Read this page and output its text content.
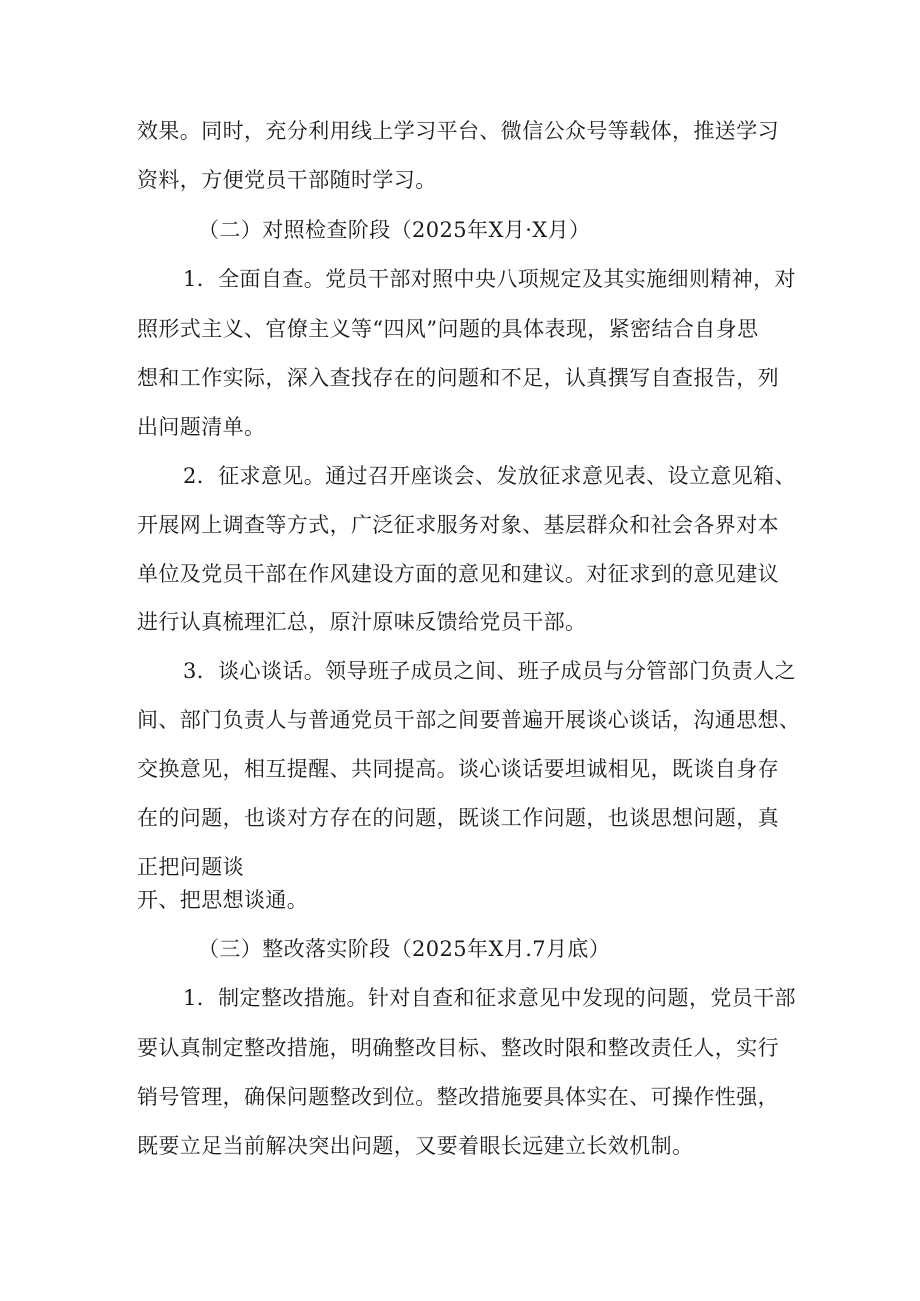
效果。同时，充分利用线上学习平台、微信公众号等载体，推送学习
资料，方便党员干部随时学习。
（二）对照检查阶段（2025年X月·X月）
1．全面自查。党员干部对照中央八项规定及其实施细则精神，对
照形式主义、官僚主义等“四风”问题的具体表现，紧密结合自身思
想和工作实际，深入查找存在的问题和不足，认真撰写自查报告，列
出问题清单。
2．征求意见。通过召开座谈会、发放征求意见表、设立意见箱、
开展网上调查等方式，广泛征求服务对象、基层群众和社会各界对本
单位及党员干部在作风建设方面的意见和建议。对征求到的意见建议
进行认真梳理汇总，原汁原味反馈给党员干部。
3．谈心谈话。领导班子成员之间、班子成员与分管部门负责人之
间、部门负责人与普通党员干部之间要普遍开展谈心谈话，沟通思想、
交换意见，相互提醒、共同提高。谈心谈话要坦诚相见，既谈自身存
在的问题，也谈对方存在的问题，既谈工作问题，也谈思想问题，真
正把问题谈
开、把思想谈通。
（三）整改落实阶段（2025年X月.7月底）
1．制定整改措施。针对自查和征求意见中发现的问题，党员干部
要认真制定整改措施，明确整改目标、整改时限和整改责任人，实行
销号管理，确保问题整改到位。整改措施要具体实在、可操作性强，
既要立足当前解决突出问题，又要着眼长远建立长效机制。
